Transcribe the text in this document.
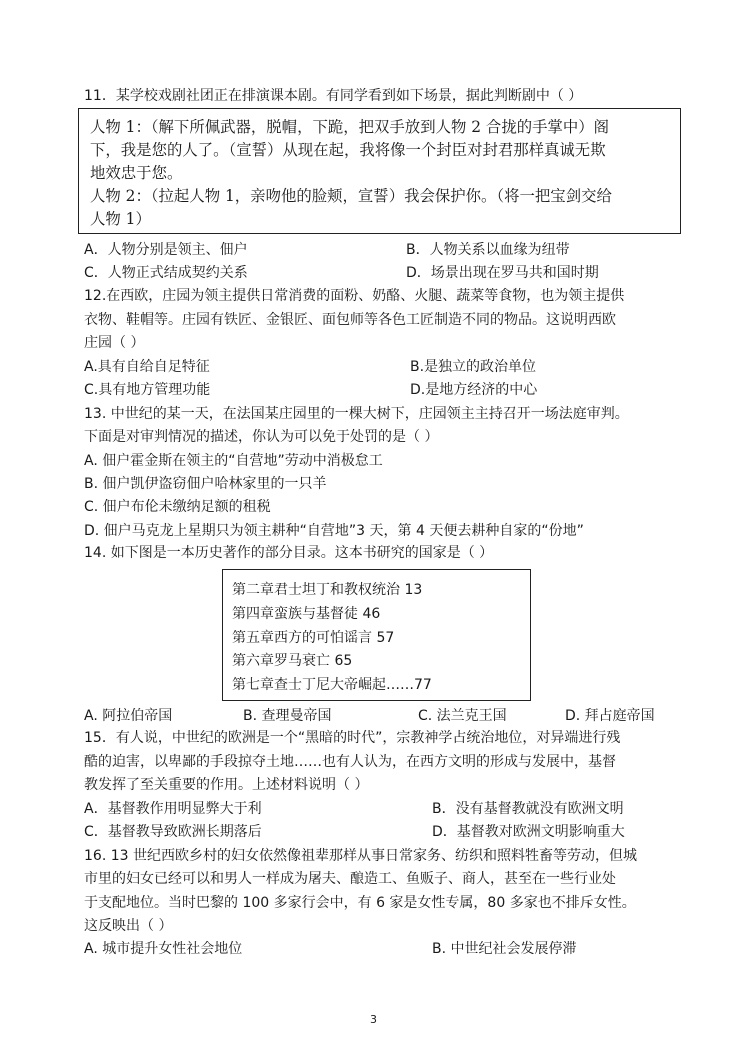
11．某学校戏剧社团正在排演课本剧。有同学看到如下场景，据此判断剧中（ ）
人物 1：（解下所佩武器，脱帽，下跪，把双手放到人物 2 合拢的手掌中）阁
下，我是您的人了。（宣誓）从现在起，我将像一个封臣对封君那样真诚无欺
地效忠于您。
人物 2：（拉起人物 1，亲吻他的脸颊，宣誓）我会保护你。（将一把宝剑交给
人物 1）
A．人物分别是领主、佃户	B．人物关系以血缘为纽带
C．人物正式结成契约关系	D．场景出现在罗马共和国时期
12.在西欧，庄园为领主提供日常消费的面粉、奶酪、火腿、蔬菜等食物，也为领主提供
衣物、鞋帽等。庄园有铁匠、金银匠、面包师等各色工匠制造不同的物品。这说明西欧
庄园（ ）
A.具有自给自足特征	B.是独立的政治单位
C.具有地方管理功能	D.是地方经济的中心
13. 中世纪的某一天，在法国某庄园里的一棵大树下，庄园领主主持召开一场法庭审判。
下面是对审判情况的描述，你认为可以免于处罚的是（ ）
A. 佃户霍金斯在领主的“自营地”劳动中消极怠工
B. 佃户凯伊盗窃佃户哈林家里的一只羊
C. 佃户布伦未缴纳足额的租税
D. 佃户马克龙上星期只为领主耕种“自营地”3 天，第 4 天便去耕种自家的“份地”
14. 如下图是一本历史著作的部分目录。这本书研究的国家是（ ）
第二章君士坦丁和教权统治 13
第四章蛮族与基督徒 46
第五章西方的可怕谣言 57
第六章罗马衰亡 65
第七章查士丁尼大帝崛起……77
A. 阿拉伯帝国	B. 查理曼帝国	C. 法兰克王国	D. 拜占庭帝国
15．有人说，中世纪的欧洲是一个“黑暗的时代”，宗教神学占统治地位，对异端进行残
酷的迫害，以卑鄙的手段掠夺土地……也有人认为，在西方文明的形成与发展中，基督
教发挥了至关重要的作用。上述材料说明（ ）
A．基督教作用明显弊大于利	B．没有基督教就没有欧洲文明
C．基督教导致欧洲长期落后	D．基督教对欧洲文明影响重大
16. 13 世纪西欧乡村的妇女依然像祖辈那样从事日常家务、纺织和照料牲畜等劳动，但城
市里的妇女已经可以和男人一样成为屠夫、酿造工、鱼贩子、商人，甚至在一些行业处
于支配地位。当时巴黎的 100 多家行会中，有 6 家是女性专属，80 多家也不排斥女性。
这反映出（ ）
A. 城市提升女性社会地位	B. 中世纪社会发展停滞
3
